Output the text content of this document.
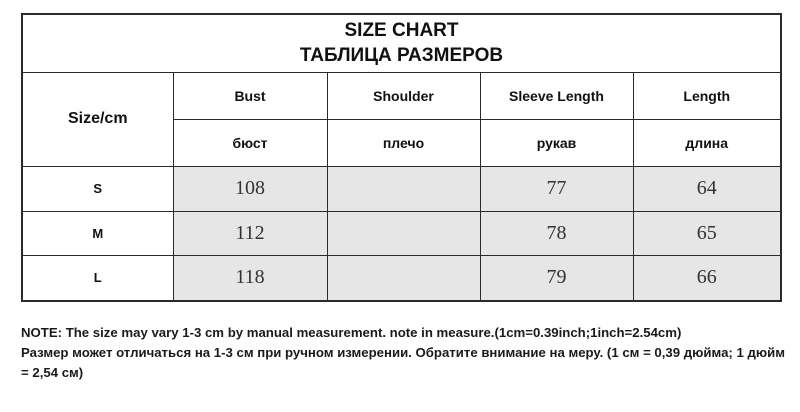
SIZE CHART
ТАБЛИЦА РАЗМЕРОВ
Size/cm	Bust	Shoulder	Sleeve Length	Length
	бюст	плечо	рукав	длина
S	108		77	64
M	112		78	65
L	118		79	66

NOTE: The size may vary 1-3 cm by manual measurement. note in measure.(1cm=0.39inch;1inch=2.54cm)

Размер может отличаться на 1-3 см при ручном измерении. Обратите внимание на меру. (1 см = 0,39 дюйма; 1 дюйм = 2,54 см)
